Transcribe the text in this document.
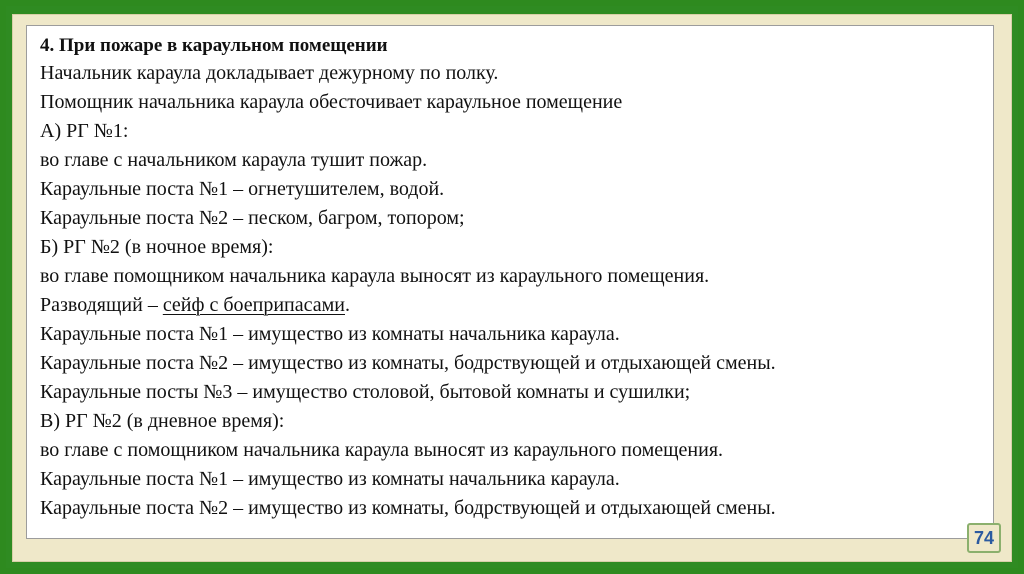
4. При пожаре в караульном помещении

Начальник караула докладывает дежурному по полку.

Помощник начальника караула обесточивает караульное помещение

А) РГ №1:

во главе с начальником караула тушит пожар.

Караульные поста №1 – огнетушителем, водой.

Караульные поста №2 – песком, багром, топором;

Б) РГ №2 (в ночное время):

во главе помощником начальника караула выносят из караульного помещения.

Разводящий – сейф с боеприпасами.

Караульные поста №1 – имущество из комнаты начальника караула.

Караульные поста №2 – имущество из комнаты, бодрствующей и отдыхающей смены.

Караульные посты №3 – имущество столовой, бытовой комнаты и сушилки;

В) РГ №2 (в дневное время):

во главе с помощником начальника караула выносят из караульного помещения.

Караульные поста №1 – имущество из комнаты начальника караула.

Караульные поста №2 – имущество из комнаты, бодрствующей и отдыхающей смены.

74
